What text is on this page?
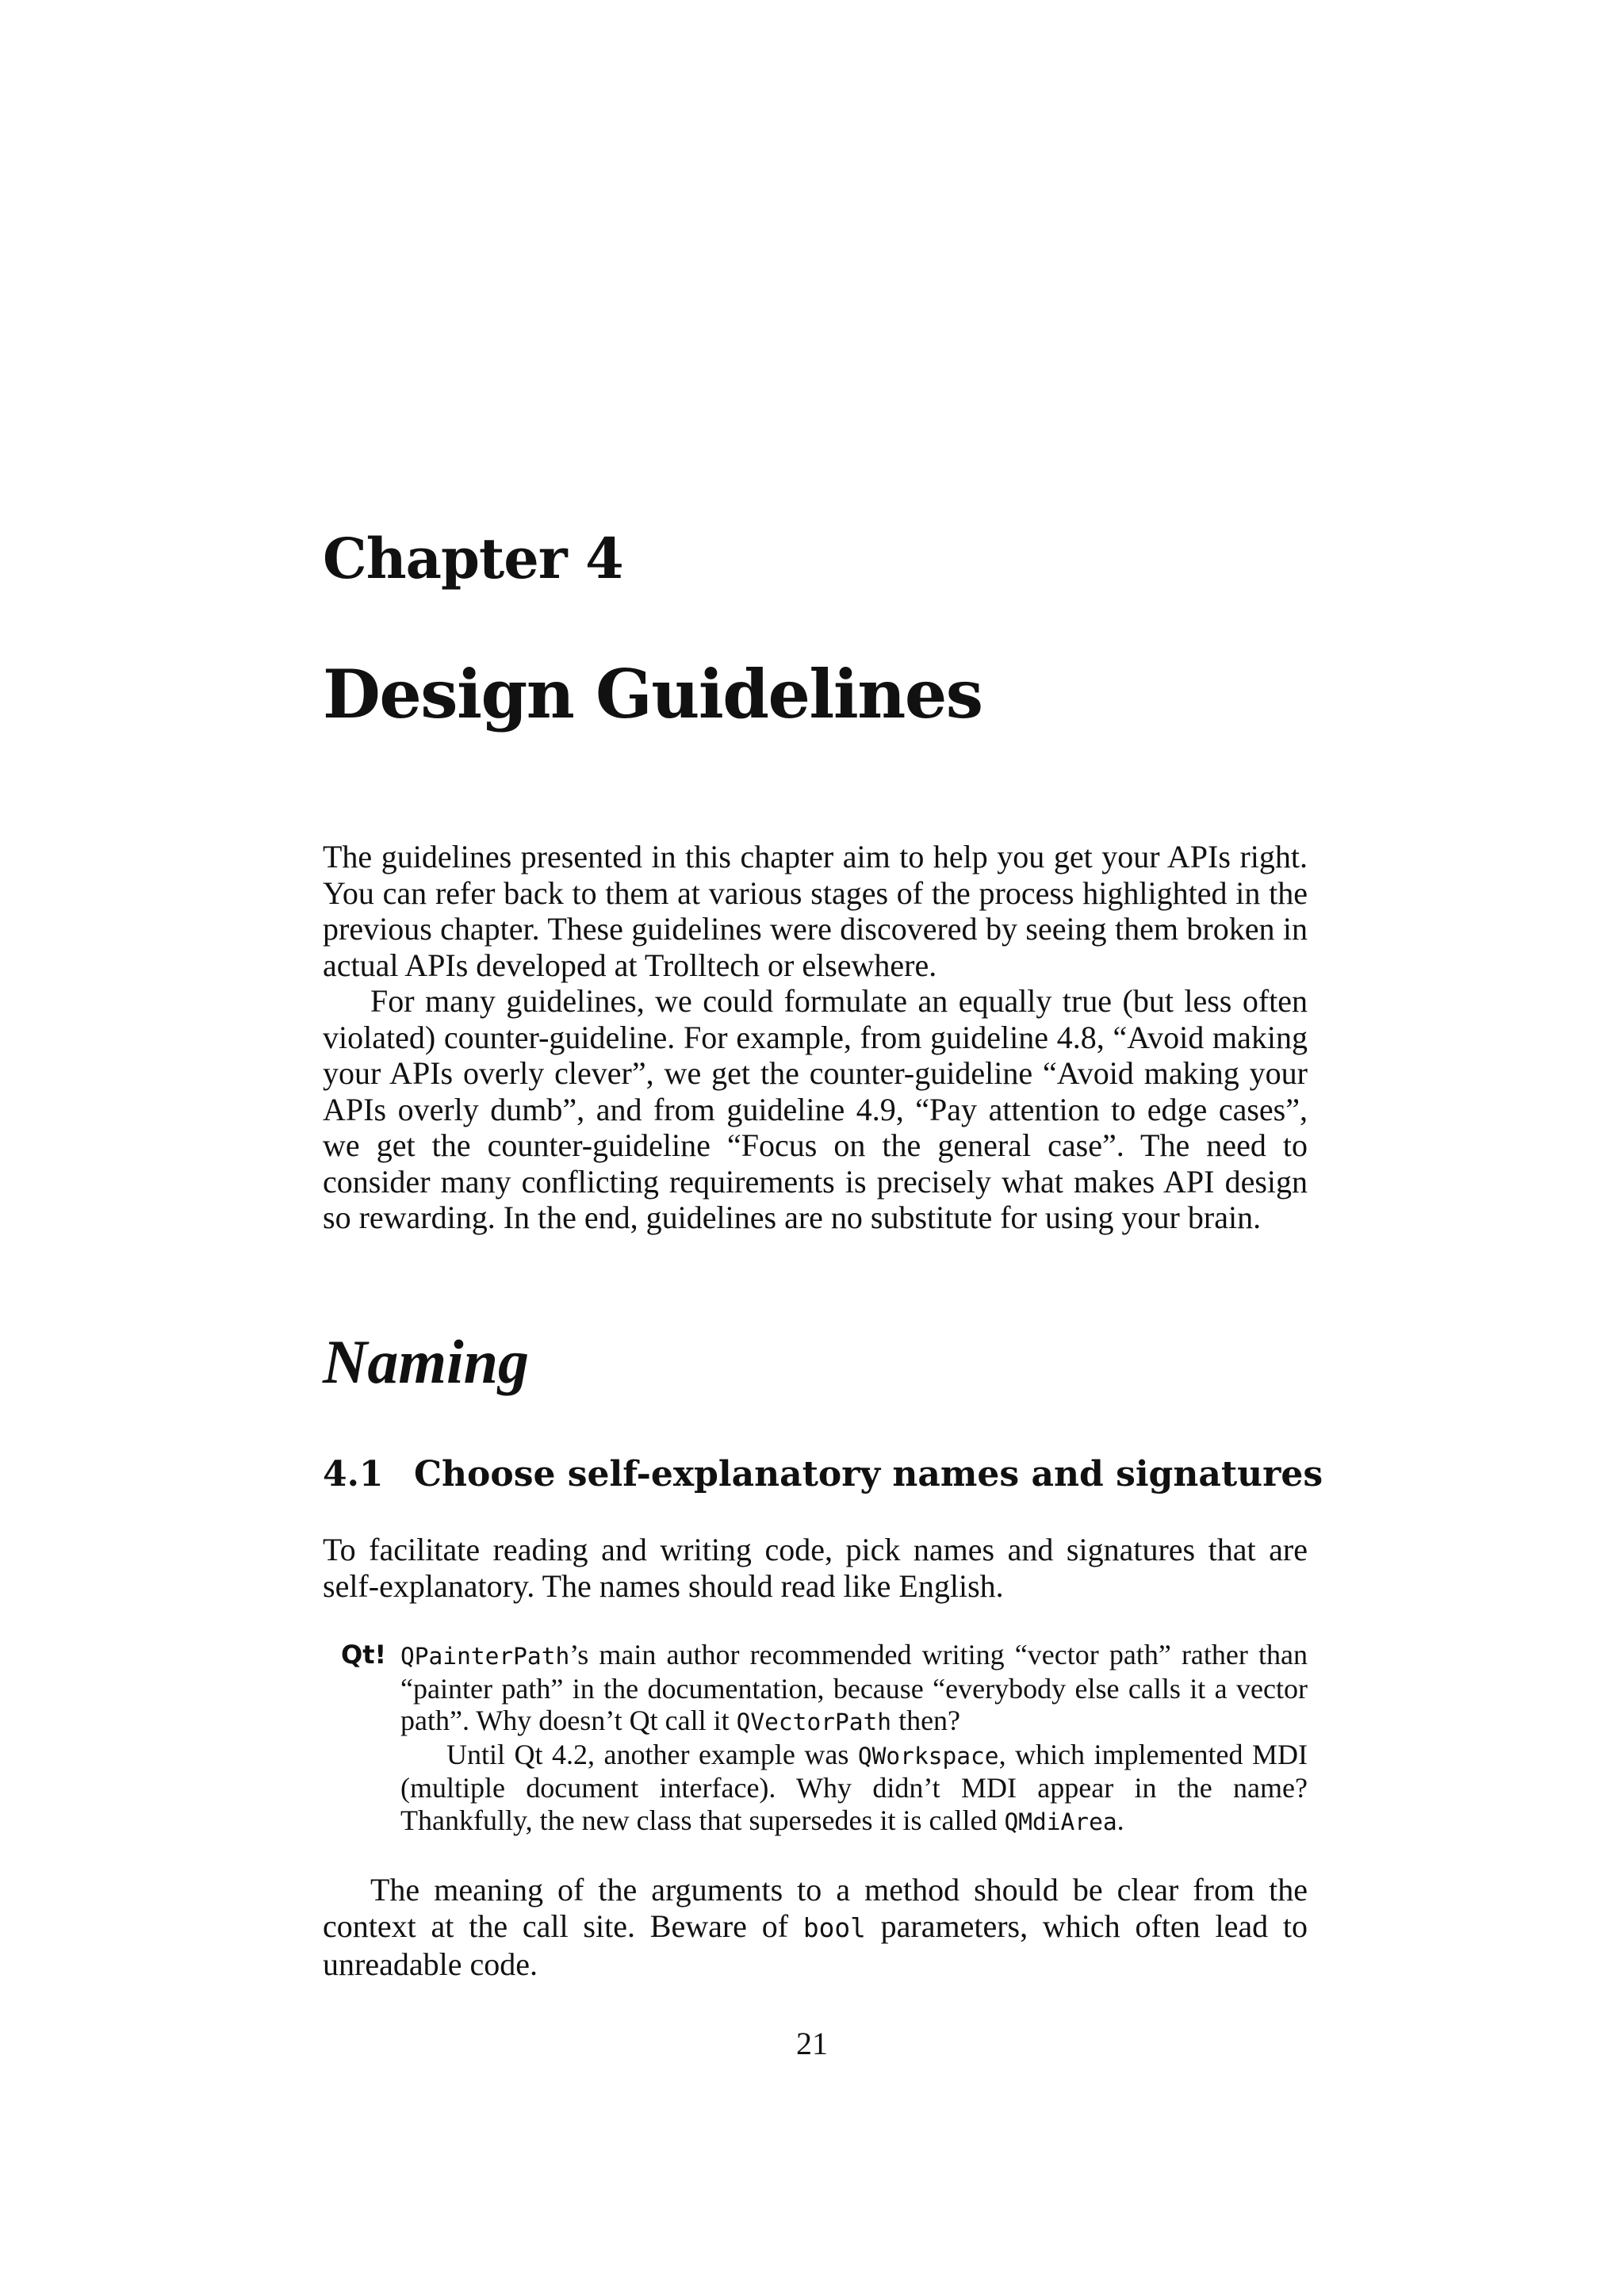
Chapter 4
Design Guidelines

The guidelines presented in this chapter aim to help you get your APIs right. You can refer back to them at various stages of the process highlighted in the previous chapter. These guidelines were discovered by seeing them broken in actual APIs developed at Trolltech or elsewhere.

For many guidelines, we could formulate an equally true (but less often violated) counter-guideline. For example, from guideline 4.8, “Avoid making your APIs overly clever”, we get the counter-guideline “Avoid making your APIs overly dumb”, and from guideline 4.9, “Pay attention to edge cases”, we get the counter-guideline “Focus on the general case”. The need to consider many conflicting requirements is precisely what makes API design so rewarding. In the end, guidelines are no substitute for using your brain.

Naming
4.1 Choose self-explanatory names and signatures

To facilitate reading and writing code, pick names and signatures that are self-explanatory. The names should read like English.

Qt! QPainterPath’s main author recommended writing “vector path” rather than “painter path” in the documentation, because “everybody else calls it a vector path”. Why doesn’t Qt call it QVectorPath then?

Until Qt 4.2, another example was QWorkspace, which implemented MDI (multiple document interface). Why didn’t MDI appear in the name? Thankfully, the new class that supersedes it is called QMdiArea.

The meaning of the arguments to a method should be clear from the context at the call site. Beware of bool parameters, which often lead to unreadable code.

21
